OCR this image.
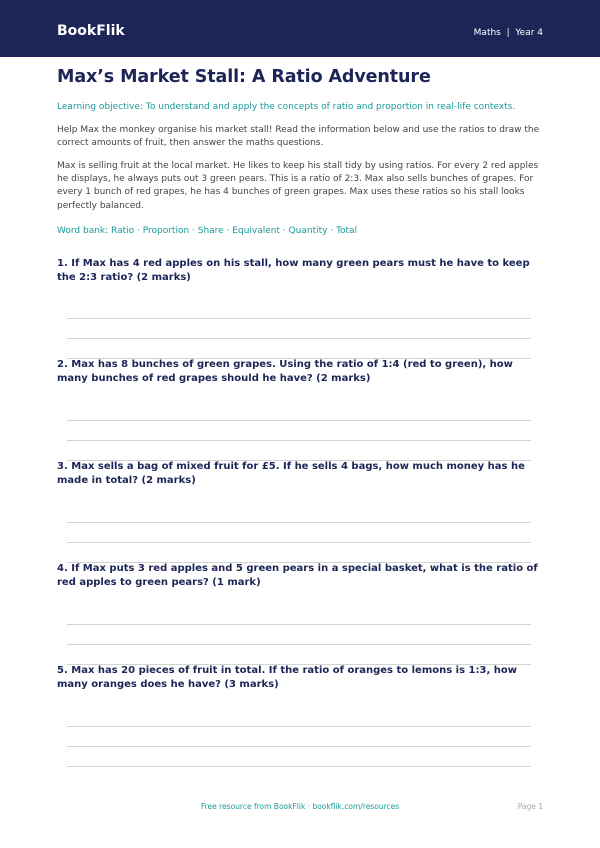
BookFlik	Maths  |  Year 4
Max’s Market Stall: A Ratio Adventure

Learning objective: To understand and apply the concepts of ratio and proportion in real-life contexts.

Help Max the monkey organise his market stall! Read the information below and use the ratios to draw the correct amounts of fruit, then answer the maths questions.

Max is selling fruit at the local market. He likes to keep his stall tidy by using ratios. For every 2 red apples he displays, he always puts out 3 green pears. This is a ratio of 2:3. Max also sells bunches of grapes. For every 1 bunch of red grapes, he has 4 bunches of green grapes. Max uses these ratios so his stall looks perfectly balanced.

Word bank: Ratio · Proportion · Share · Equivalent · Quantity · Total

1. If Max has 4 red apples on his stall, how many green pears must he have to keep the 2:3 ratio? (2 marks)

2. Max has 8 bunches of green grapes. Using the ratio of 1:4 (red to green), how many bunches of red grapes should he have? (2 marks)

3. Max sells a bag of mixed fruit for £5. If he sells 4 bags, how much money has he made in total? (2 marks)

4. If Max puts 3 red apples and 5 green pears in a special basket, what is the ratio of red apples to green pears? (1 mark)

5. Max has 20 pieces of fruit in total. If the ratio of oranges to lemons is 1:3, how many oranges does he have? (3 marks)

Free resource from BookFlik · bookflik.com/resources	Page 1
